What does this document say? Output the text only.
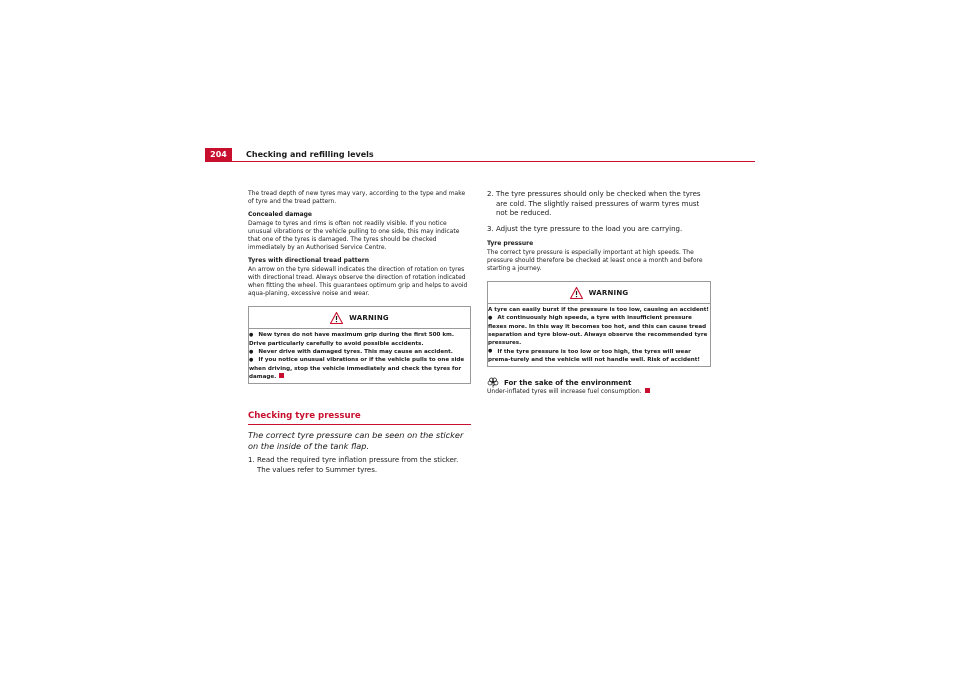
204	Checking and refilling levels

The tread depth of new tyres may vary, according to the type and make of tyre and the tread pattern.

Concealed damage
Damage to tyres and rims is often not readily visible. If you notice unusual vibrations or the vehicle pulling to one side, this may indicate that one of the tyres is damaged. The tyres should be checked immediately by an Authorised Service Centre.
Tyres with directional tread pattern
An arrow on the tyre sidewall indicates the direction of rotation on tyres with directional tread. Always observe the direction of rotation indicated when fitting the wheel. This guarantees optimum grip and helps to avoid aqua-planing, excessive noise and wear.
WARNING
● New tyres do not have maximum grip during the first 500 km. Drive particularly carefully to avoid possible accidents.
● Never drive with damaged tyres. This may cause an accident.
● If you notice unusual vibrations or if the vehicle pulls to one side when driving, stop the vehicle immediately and check the tyres for damage.
Checking tyre pressure
The correct tyre pressure can be seen on the sticker on the inside of the tank flap.
1. Read the required tyre inflation pressure from the sticker. The values refer to Summer tyres.
2. The tyre pressures should only be checked when the tyres are cold. The slightly raised pressures of warm tyres must not be reduced.
3. Adjust the tyre pressure to the load you are carrying.
Tyre pressure
The correct tyre pressure is especially important at high speeds. The pressure should therefore be checked at least once a month and before starting a journey.
WARNING
A tyre can easily burst if the pressure is too low, causing an accident!
● At continuously high speeds, a tyre with insufficient pressure flexes more. In this way it becomes too hot, and this can cause tread separation and tyre blow-out. Always observe the recommended tyre pressures.
● If the tyre pressure is too low or too high, the tyres will wear prema-turely and the vehicle will not handle well. Risk of accident!
For the sake of the environment
Under-inflated tyres will increase fuel consumption.
